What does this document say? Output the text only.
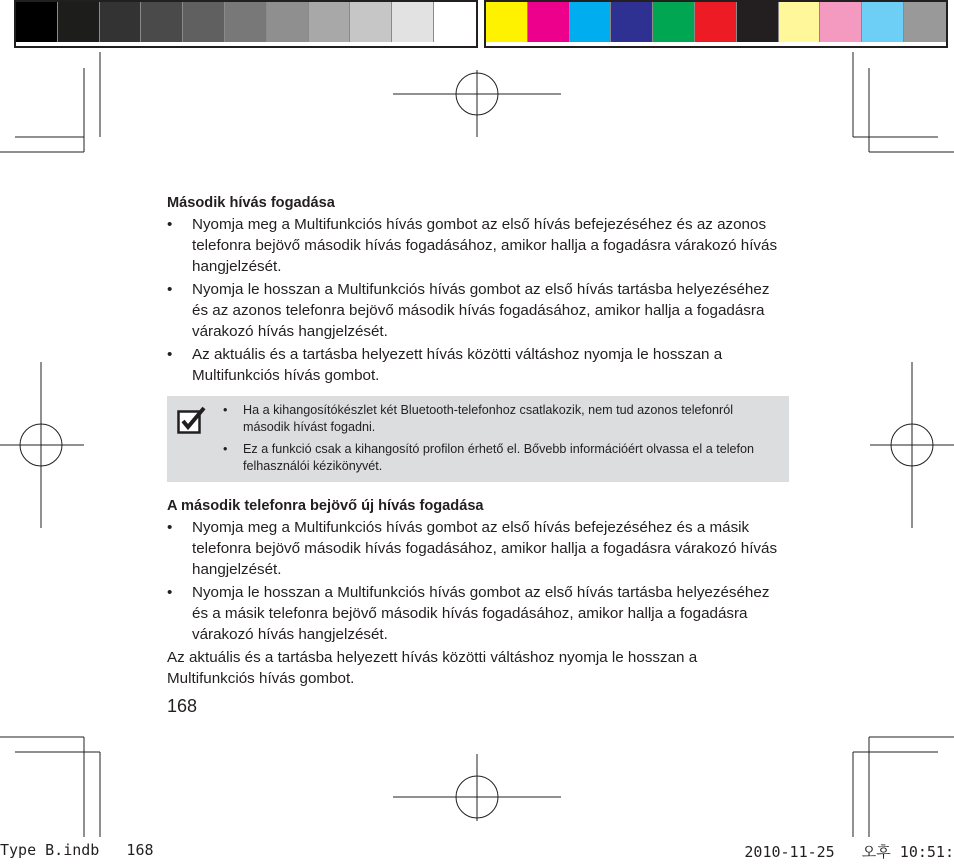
Második hívás fogadása

• Nyomja meg a Multifunkciós hívás gombot az első hívás befejezéséhez és az azonos telefonra bejövő második hívás fogadásához, amikor hallja a fogadásra várakozó hívás hangjelzését.
• Nyomja le hosszan a Multifunkciós hívás gombot az első hívás tartásba helyezéséhez és az azonos telefonra bejövő második hívás fogadásához, amikor hallja a fogadásra várakozó hívás hangjelzését.
• Az aktuális és a tartásba helyezett hívás közötti váltáshoz nyomja le hosszan a Multifunkciós hívás gombot.
• Ha a kihangosítókészlet két Bluetooth-telefonhoz csatlakozik, nem tud azonos telefonról második hívást fogadni.
• Ez a funkció csak a kihangosító profilon érhető el. Bővebb információért olvassa el a telefon felhasználói kézikönyvét.

A második telefonra bejövő új hívás fogadása

• Nyomja meg a Multifunkciós hívás gombot az első hívás befejezéséhez és a másik telefonra bejövő második hívás fogadásához, amikor hallja a fogadásra várakozó hívás hangjelzését.
• Nyomja le hosszan a Multifunkciós hívás gombot az első hívás tartásba helyezéséhez és a másik telefonra bejövő második hívás fogadásához, amikor hallja a fogadásra várakozó hívás hangjelzését.

Az aktuális és a tartásba helyezett hívás közötti váltáshoz nyomja le hosszan a Multifunkciós hívás gombot.

168
Type B.indb   168	2010-11-25   오후 10:51:
